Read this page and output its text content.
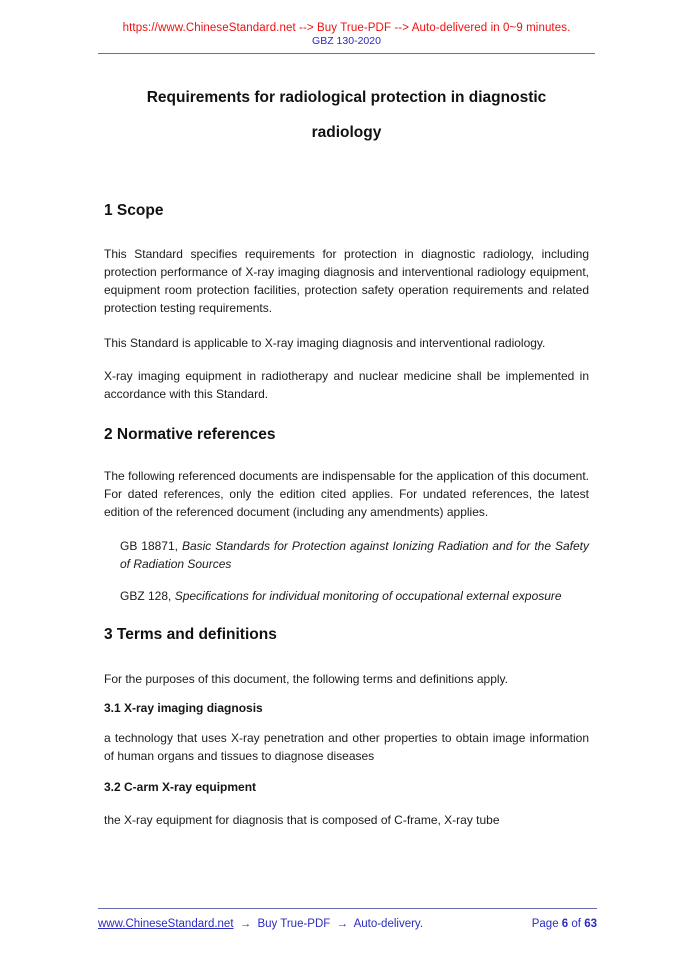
https://www.ChineseStandard.net --> Buy True-PDF --> Auto-delivered in 0~9 minutes.
GBZ 130-2020
Requirements for radiological protection in diagnostic
radiology
1 Scope

This Standard specifies requirements for protection in diagnostic radiology, including protection performance of X-ray imaging diagnosis and interventional radiology equipment, equipment room protection facilities, protection safety operation requirements and related protection testing requirements.

This Standard is applicable to X-ray imaging diagnosis and interventional radiology.

X-ray imaging equipment in radiotherapy and nuclear medicine shall be implemented in accordance with this Standard.

2 Normative references

The following referenced documents are indispensable for the application of this document. For dated references, only the edition cited applies. For undated references, the latest edition of the referenced document (including any amendments) applies.

GB 18871, Basic Standards for Protection against Ionizing Radiation and for the Safety of Radiation Sources

GBZ 128, Specifications for individual monitoring of occupational external exposure

3 Terms and definitions

For the purposes of this document, the following terms and definitions apply.

3.1 X-ray imaging diagnosis

a technology that uses X-ray penetration and other properties to obtain image information of human organs and tissues to diagnose diseases

3.2 C-arm X-ray equipment

the X-ray equipment for diagnosis that is composed of C-frame, X-ray tube

www.ChineseStandard.net → Buy True-PDF → Auto-delivery.	Page 6 of 63
